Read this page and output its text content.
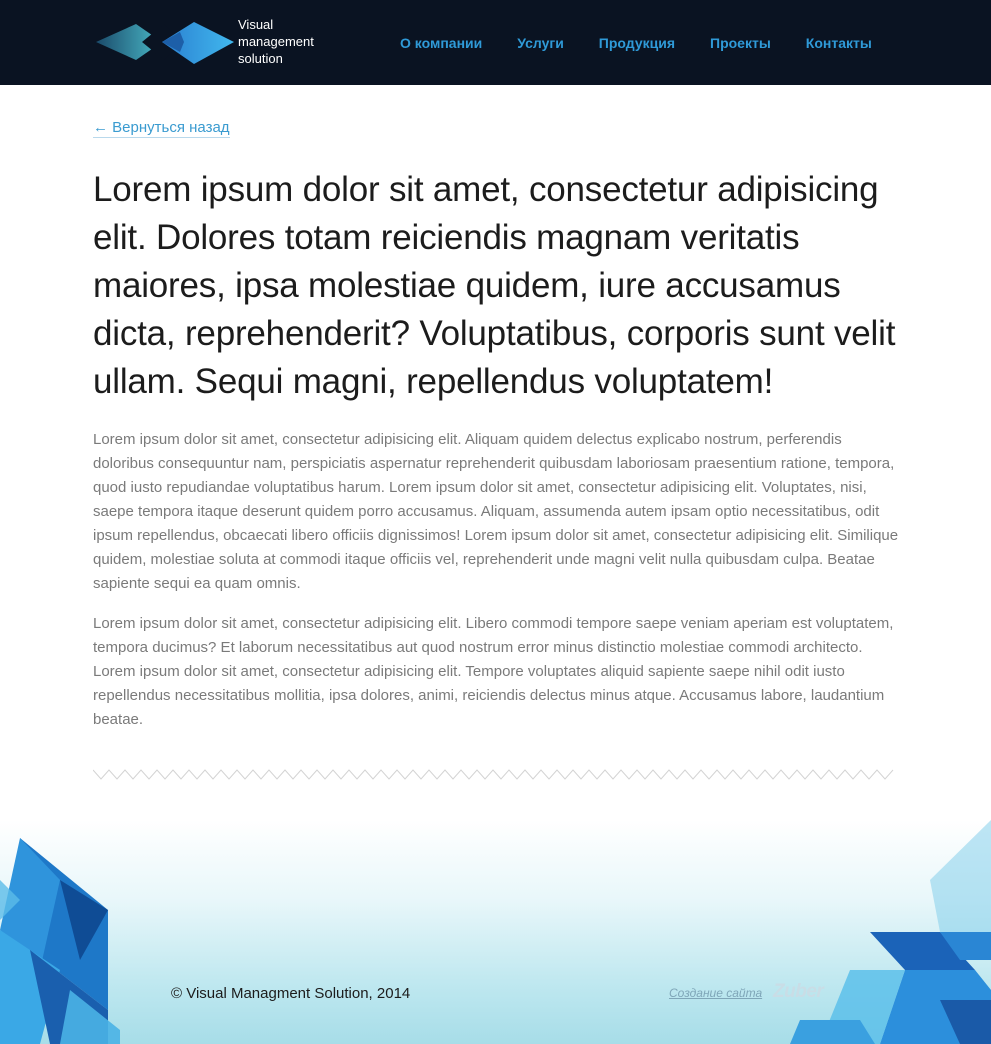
Visual
management
solution
О компании	Услуги	Продукция	Проекты	Контакты
← Вернуться назад
Lorem ipsum dolor sit amet, consectetur adipisicing elit. Dolores totam reiciendis magnam veritatis maiores, ipsa molestiae quidem, iure accusamus dicta, reprehenderit? Voluptatibus, corporis sunt velit ullam. Sequi magni, repellendus voluptatem!

Lorem ipsum dolor sit amet, consectetur adipisicing elit. Aliquam quidem delectus explicabo nostrum, perferendis doloribus consequuntur nam, perspiciatis aspernatur reprehenderit quibusdam laboriosam praesentium ratione, tempora, quod iusto repudiandae voluptatibus harum. Lorem ipsum dolor sit amet, consectetur adipisicing elit. Voluptates, nisi, saepe tempora itaque deserunt quidem porro accusamus. Aliquam, assumenda autem ipsam optio necessitatibus, odit ipsum repellendus, obcaecati libero officiis dignissimos! Lorem ipsum dolor sit amet, consectetur adipisicing elit. Similique quidem, molestiae soluta at commodi itaque officiis vel, reprehenderit unde magni velit nulla quibusdam culpa. Beatae sapiente sequi ea quam omnis.

Lorem ipsum dolor sit amet, consectetur adipisicing elit. Libero commodi tempore saepe veniam aperiam est voluptatem, tempora ducimus? Et laborum necessitatibus aut quod nostrum error minus distinctio molestiae commodi architecto. Lorem ipsum dolor sit amet, consectetur adipisicing elit. Tempore voluptates aliquid sapiente saepe nihil odit iusto repellendus necessitatibus mollitia, ipsa dolores, animi, reiciendis delectus minus atque. Accusamus labore, laudantium beatae.

© Visual Managment Solution, 2014	Создание сайта Zuber
